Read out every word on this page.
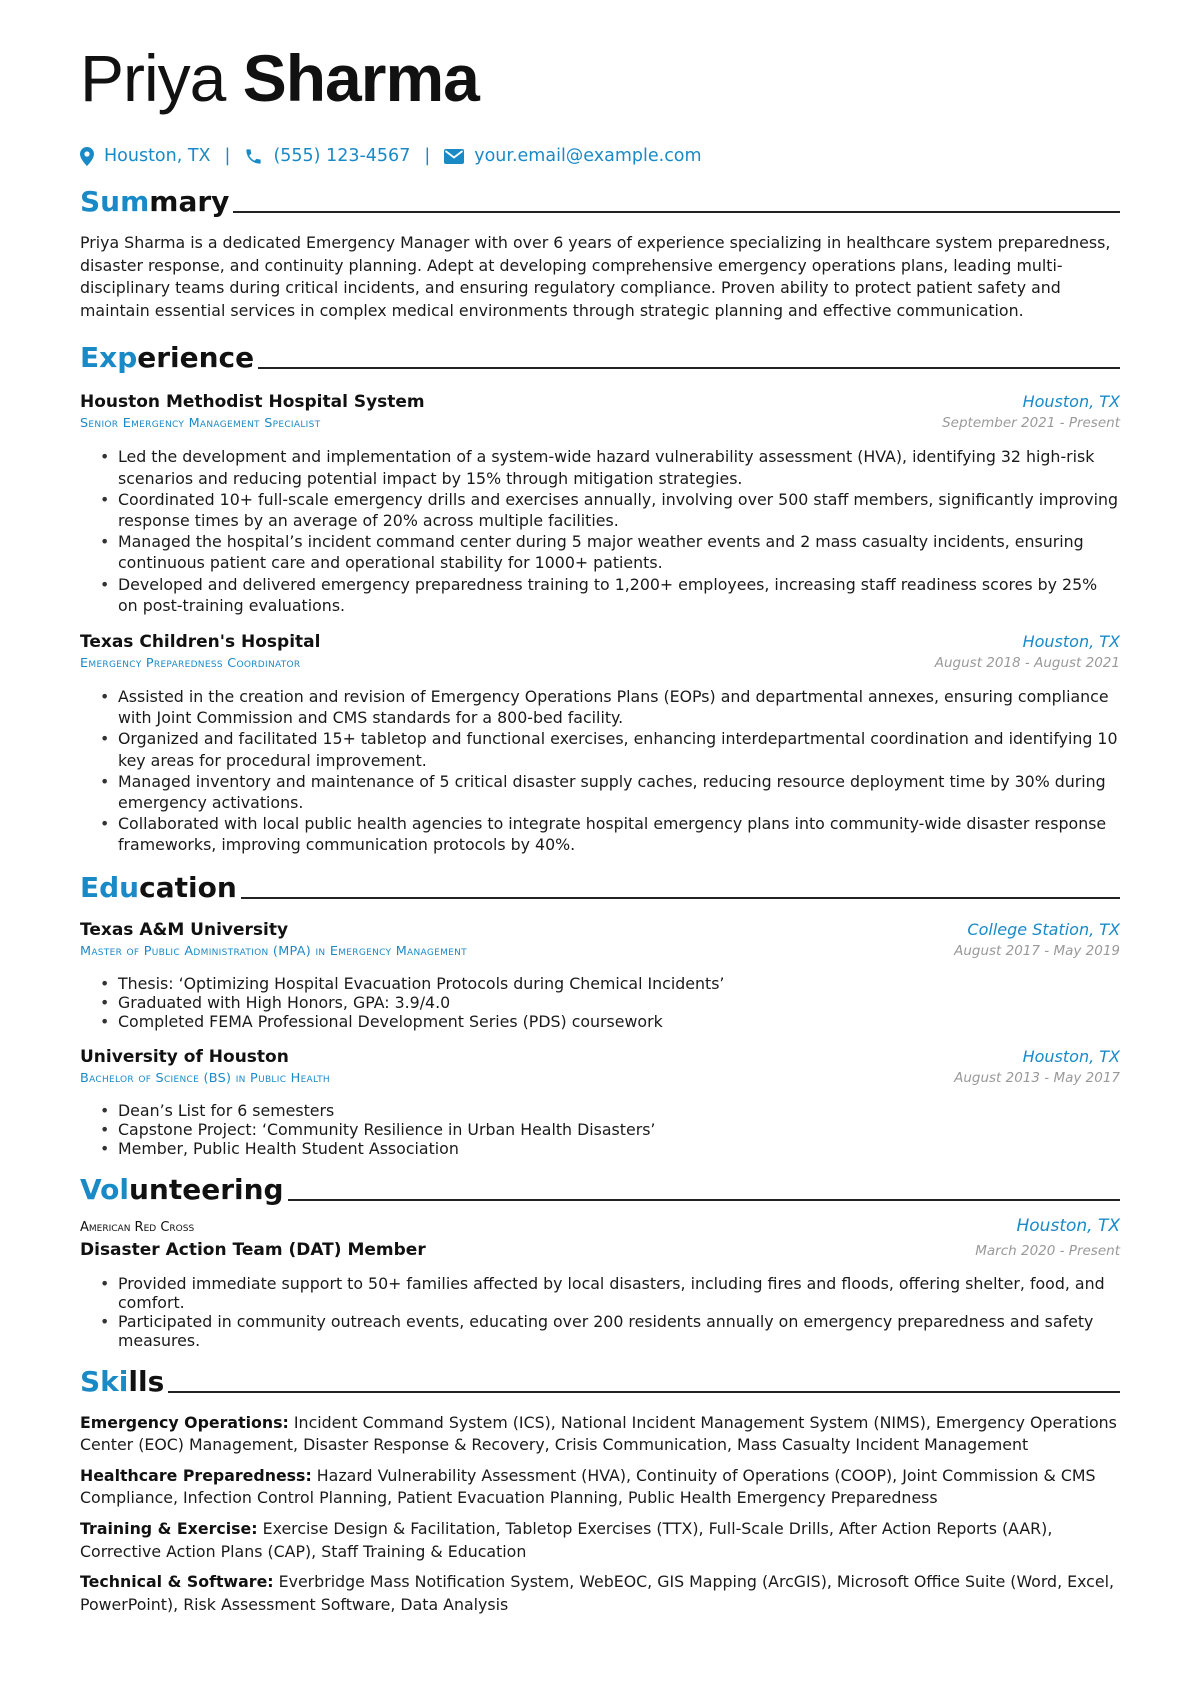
Priya Sharma
Houston, TX | (555) 123-4567 |	your.email@example.com
Summary
Priya Sharma is a dedicated Emergency Manager with over 6 years of experience specializing in healthcare system preparedness, disaster response, and continuity planning. Adept at developing comprehensive emergency operations plans, leading multi-disciplinary teams during critical incidents, and ensuring regulatory compliance. Proven ability to protect patient safety and maintain essential services in complex medical environments through strategic planning and effective communication.
Experience
Houston Methodist Hospital System	Houston, TX
Senior Emergency Management Specialist	September 2021 - Present
• Led the development and implementation of a system-wide hazard vulnerability assessment (HVA), identifying 32 high-risk scenarios and reducing potential impact by 15% through mitigation strategies.
• Coordinated 10+ full-scale emergency drills and exercises annually, involving over 500 staff members, significantly improving response times by an average of 20% across multiple facilities.
• Managed the hospital’s incident command center during 5 major weather events and 2 mass casualty incidents, ensuring continuous patient care and operational stability for 1000+ patients.
• Developed and delivered emergency preparedness training to 1,200+ employees, increasing staff readiness scores by 25% on post-training evaluations.
Texas Children's Hospital	Houston, TX
Emergency Preparedness Coordinator	August 2018 - August 2021
• Assisted in the creation and revision of Emergency Operations Plans (EOPs) and departmental annexes, ensuring compliance with Joint Commission and CMS standards for a 800-bed facility.
• Organized and facilitated 15+ tabletop and functional exercises, enhancing interdepartmental coordination and identifying 10 key areas for procedural improvement.
• Managed inventory and maintenance of 5 critical disaster supply caches, reducing resource deployment time by 30% during emergency activations.
• Collaborated with local public health agencies to integrate hospital emergency plans into community-wide disaster response frameworks, improving communication protocols by 40%.
Education
Texas A&M University	College Station, TX
Master of Public Administration (MPA) in Emergency Management	August 2017 - May 2019
• Thesis: ‘Optimizing Hospital Evacuation Protocols during Chemical Incidents’
• Graduated with High Honors, GPA: 3.9/4.0
• Completed FEMA Professional Development Series (PDS) coursework
University of Houston	Houston, TX
Bachelor of Science (BS) in Public Health	August 2013 - May 2017
• Dean’s List for 6 semesters
• Capstone Project: ‘Community Resilience in Urban Health Disasters’
• Member, Public Health Student Association
Volunteering
American Red Cross	Houston, TX
Disaster Action Team (DAT) Member	March 2020 - Present
• Provided immediate support to 50+ families affected by local disasters, including fires and floods, offering shelter, food, and comfort.
• Participated in community outreach events, educating over 200 residents annually on emergency preparedness and safety measures.
Skills
Emergency Operations: Incident Command System (ICS), National Incident Management System (NIMS), Emergency Operations Center (EOC) Management, Disaster Response & Recovery, Crisis Communication, Mass Casualty Incident Management
Healthcare Preparedness: Hazard Vulnerability Assessment (HVA), Continuity of Operations (COOP), Joint Commission & CMS Compliance, Infection Control Planning, Patient Evacuation Planning, Public Health Emergency Preparedness
Training & Exercise: Exercise Design & Facilitation, Tabletop Exercises (TTX), Full-Scale Drills, After Action Reports (AAR), Corrective Action Plans (CAP), Staff Training & Education
Technical & Software: Everbridge Mass Notification System, WebEOC, GIS Mapping (ArcGIS), Microsoft Office Suite (Word, Excel, PowerPoint), Risk Assessment Software, Data Analysis
